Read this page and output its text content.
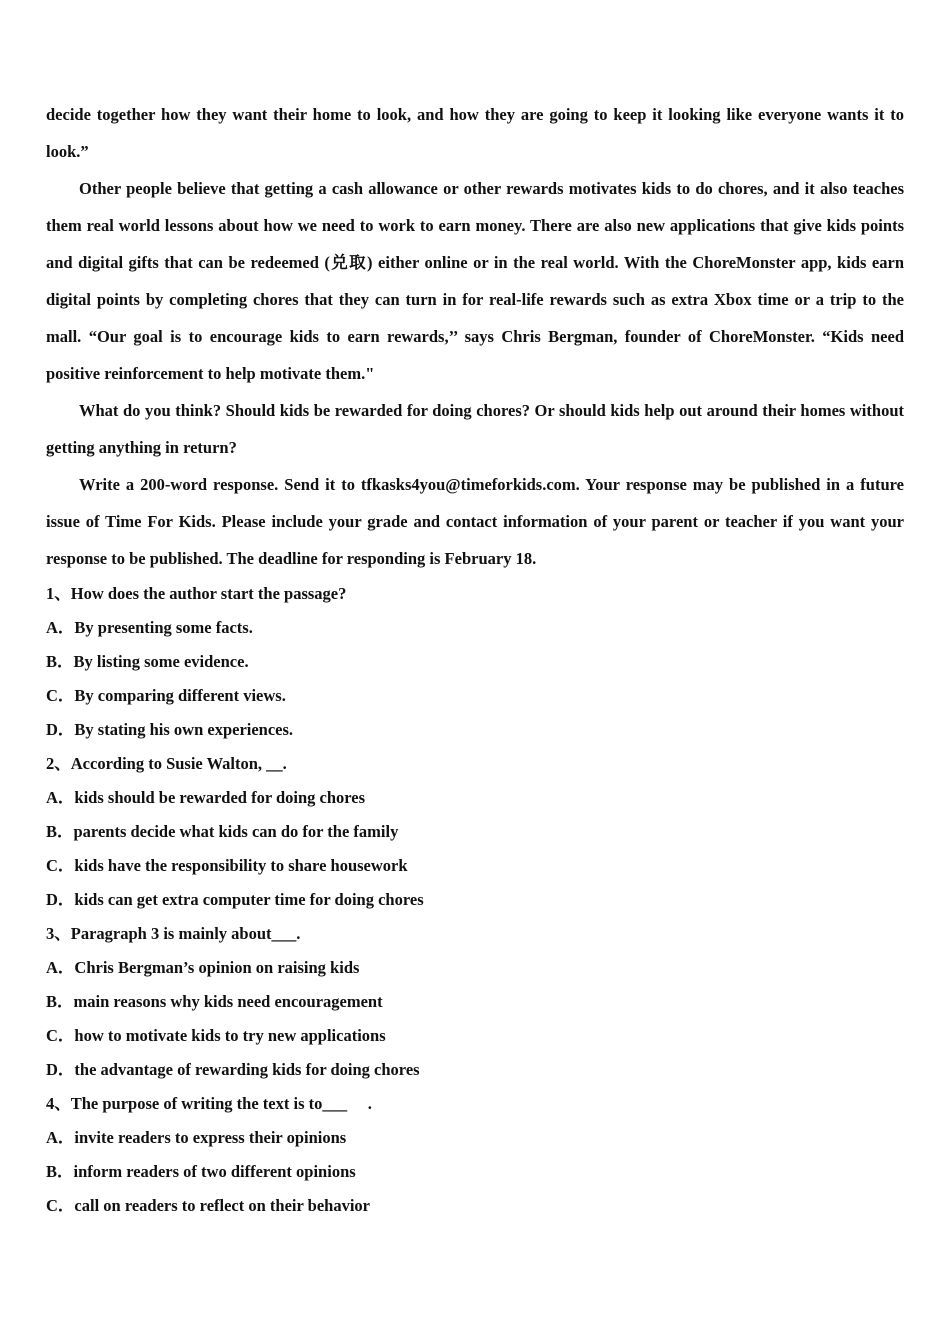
decide together how they want their home to look, and how they are going to keep it looking like everyone wants it to look.”

Other people believe that getting a cash allowance or other rewards motivates kids to do chores, and it also teaches them real world lessons about how we need to work to earn money. There are also new applications that give kids points and digital gifts that can be redeemed (兑取) either online or in the real world. With the ChoreMonster app, kids earn digital points by completing chores that they can turn in for real-life rewards such as extra Xbox time or a trip to the mall. “Our goal is to encourage kids to earn rewards,’’ says Chris Bergman, founder of ChoreMonster. “Kids need positive reinforcement to help motivate them."

What do you think? Should kids be rewarded for doing chores? Or should kids help out around their homes without getting anything in return?

Write a 200-word response. Send it to tfkasks4you@timeforkids.com. Your response may be published in a future issue of Time For Kids. Please include your grade and contact information of your parent or teacher if you want your response to be published. The deadline for responding is February 18.

1、How does the author start the passage?

A．By presenting some facts.

B．By listing some evidence.

C．By comparing different views.

D．By stating his own experiences.

2、According to Susie Walton, __.

A．kids should be rewarded for doing chores

B．parents decide what kids can do for the family

C．kids have the responsibility to share housework

D．kids can get extra computer time for doing chores

3、Paragraph 3 is mainly about___.

A．Chris Bergman’s opinion on raising kids

B．main reasons why kids need encouragement

C．how to motivate kids to try new applications

D．the advantage of rewarding kids for doing chores

4、The purpose of writing the text is to___ 　.

A．invite readers to express their opinions

B．inform readers of two different opinions

C．call on readers to reflect on their behavior
